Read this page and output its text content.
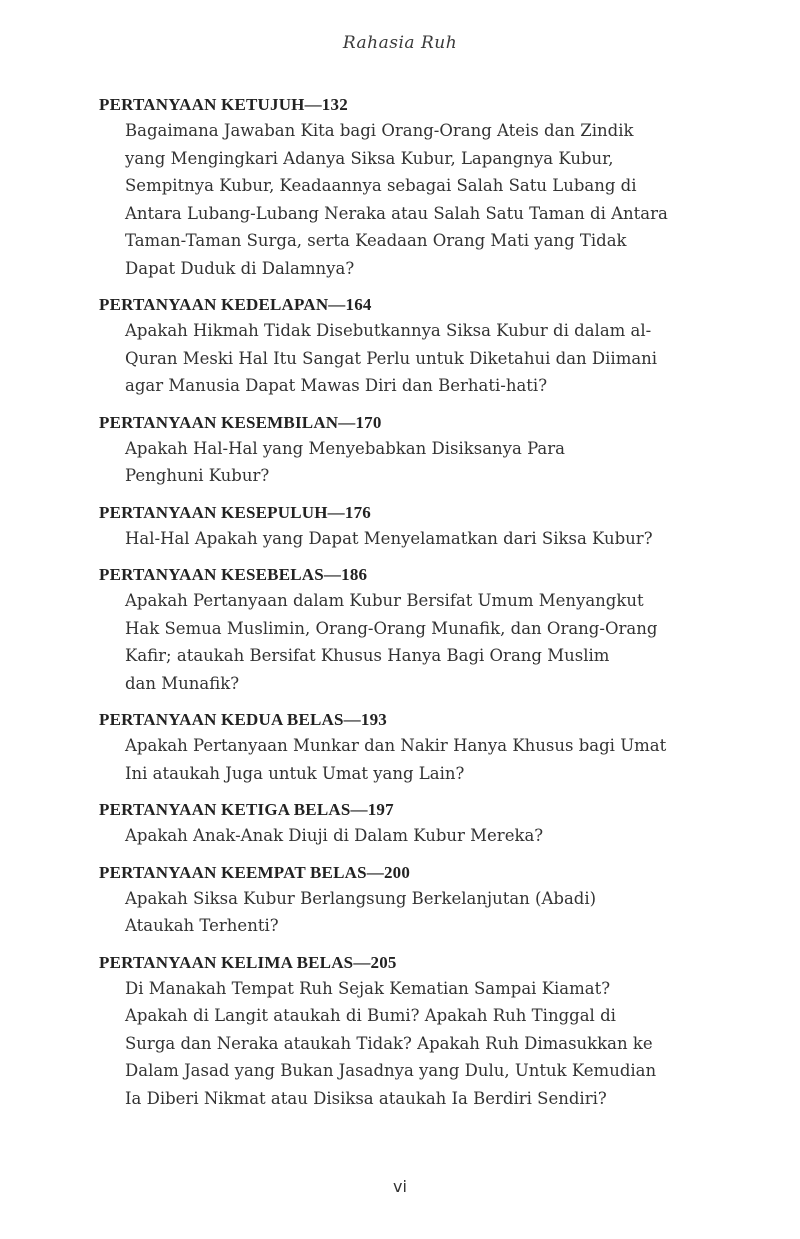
Rahasia Ruh
PERTANYAAN KETUJUH—132
Bagaimana Jawaban Kita bagi Orang-Orang Ateis dan Zindik
yang Mengingkari Adanya Siksa Kubur, Lapangnya Kubur,
Sempitnya Kubur, Keadaannya sebagai Salah Satu Lubang di
Antara Lubang-Lubang Neraka atau Salah Satu Taman di Antara
Taman-Taman Surga, serta Keadaan Orang Mati yang Tidak
Dapat Duduk di Dalamnya?
PERTANYAAN KEDELAPAN—164
Apakah Hikmah Tidak Disebutkannya Siksa Kubur di dalam al-
Quran Meski Hal Itu Sangat Perlu untuk Diketahui dan Diimani
agar Manusia Dapat Mawas Diri dan Berhati-hati?
PERTANYAAN KESEMBILAN—170
Apakah Hal-Hal yang Menyebabkan Disiksanya Para
Penghuni Kubur?
PERTANYAAN KESEPULUH—176
Hal-Hal Apakah yang Dapat Menyelamatkan dari Siksa Kubur?
PERTANYAAN KESEBELAS—186
Apakah Pertanyaan dalam Kubur Bersifat Umum Menyangkut
Hak Semua Muslimin, Orang-Orang Munafik, dan Orang-Orang
Kafir; ataukah Bersifat Khusus Hanya Bagi Orang Muslim
dan Munafik?
PERTANYAAN KEDUA BELAS—193
Apakah Pertanyaan Munkar dan Nakir Hanya Khusus bagi Umat
Ini ataukah Juga untuk Umat yang Lain?
PERTANYAAN KETIGA BELAS—197
Apakah Anak-Anak Diuji di Dalam Kubur Mereka?
PERTANYAAN KEEMPAT BELAS—200
Apakah Siksa Kubur Berlangsung Berkelanjutan (Abadi)
Ataukah Terhenti?
PERTANYAAN KELIMA BELAS—205
Di Manakah Tempat Ruh Sejak Kematian Sampai Kiamat?
Apakah di Langit ataukah di Bumi? Apakah Ruh Tinggal di
Surga dan Neraka ataukah Tidak? Apakah Ruh Dimasukkan ke
Dalam Jasad yang Bukan Jasadnya yang Dulu, Untuk Kemudian
Ia Diberi Nikmat atau Disiksa ataukah Ia Berdiri Sendiri?
vi
